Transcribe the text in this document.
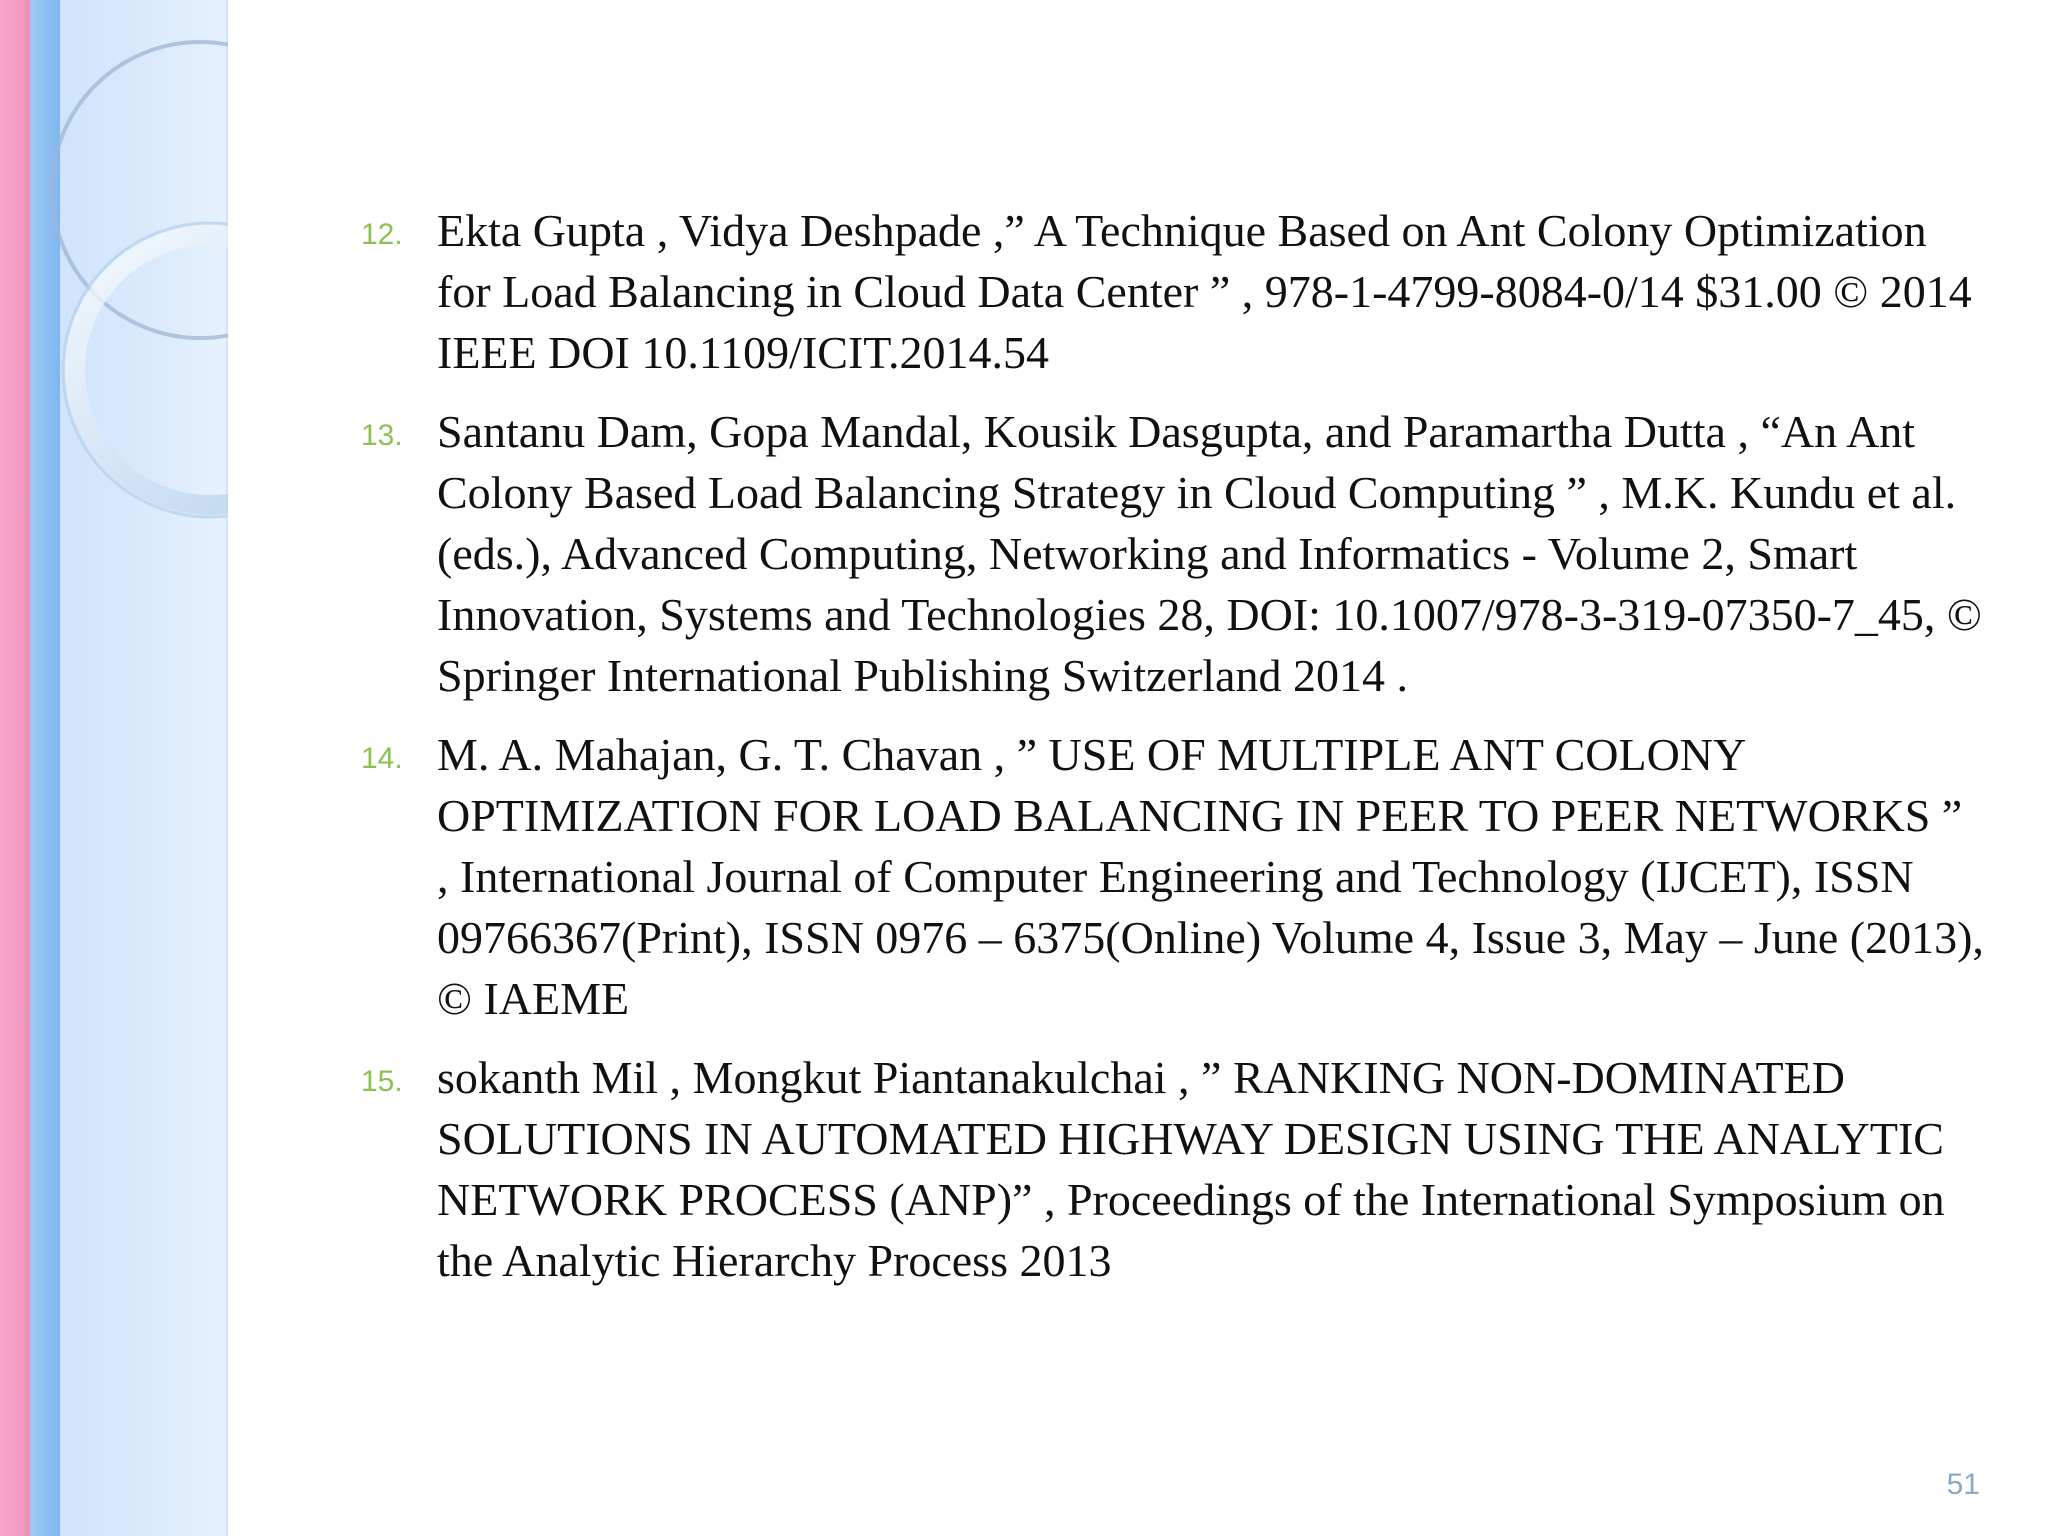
12. Ekta Gupta , Vidya Deshpade ,” A Technique Based on Ant Colony Optimization for Load Balancing in Cloud Data Center ” , 978-1-4799-8084-0/14 $31.00 © 2014 IEEE DOI 10.1109/ICIT.2014.54
13. Santanu Dam, Gopa Mandal, Kousik Dasgupta, and Paramartha Dutta , “An Ant Colony Based Load Balancing Strategy in Cloud Computing ” , M.K. Kundu et al. (eds.), Advanced Computing, Networking and Informatics - Volume 2, Smart Innovation, Systems and Technologies 28, DOI: 10.1007/978-3-319-07350-7_45, © Springer International Publishing Switzerland 2014 .
14. M. A. Mahajan, G. T. Chavan , ” USE OF MULTIPLE ANT COLONY OPTIMIZATION FOR LOAD BALANCING IN PEER TO PEER NETWORKS ” , International Journal of Computer Engineering and Technology (IJCET), ISSN 09766367(Print), ISSN 0976 – 6375(Online) Volume 4, Issue 3, May – June (2013), © IAEME
15. sokanth Mil , Mongkut Piantanakulchai , ” RANKING NON-DOMINATED SOLUTIONS IN AUTOMATED HIGHWAY DESIGN USING THE ANALYTIC NETWORK PROCESS (ANP)” , Proceedings of the International Symposium on the Analytic Hierarchy Process 2013
51
